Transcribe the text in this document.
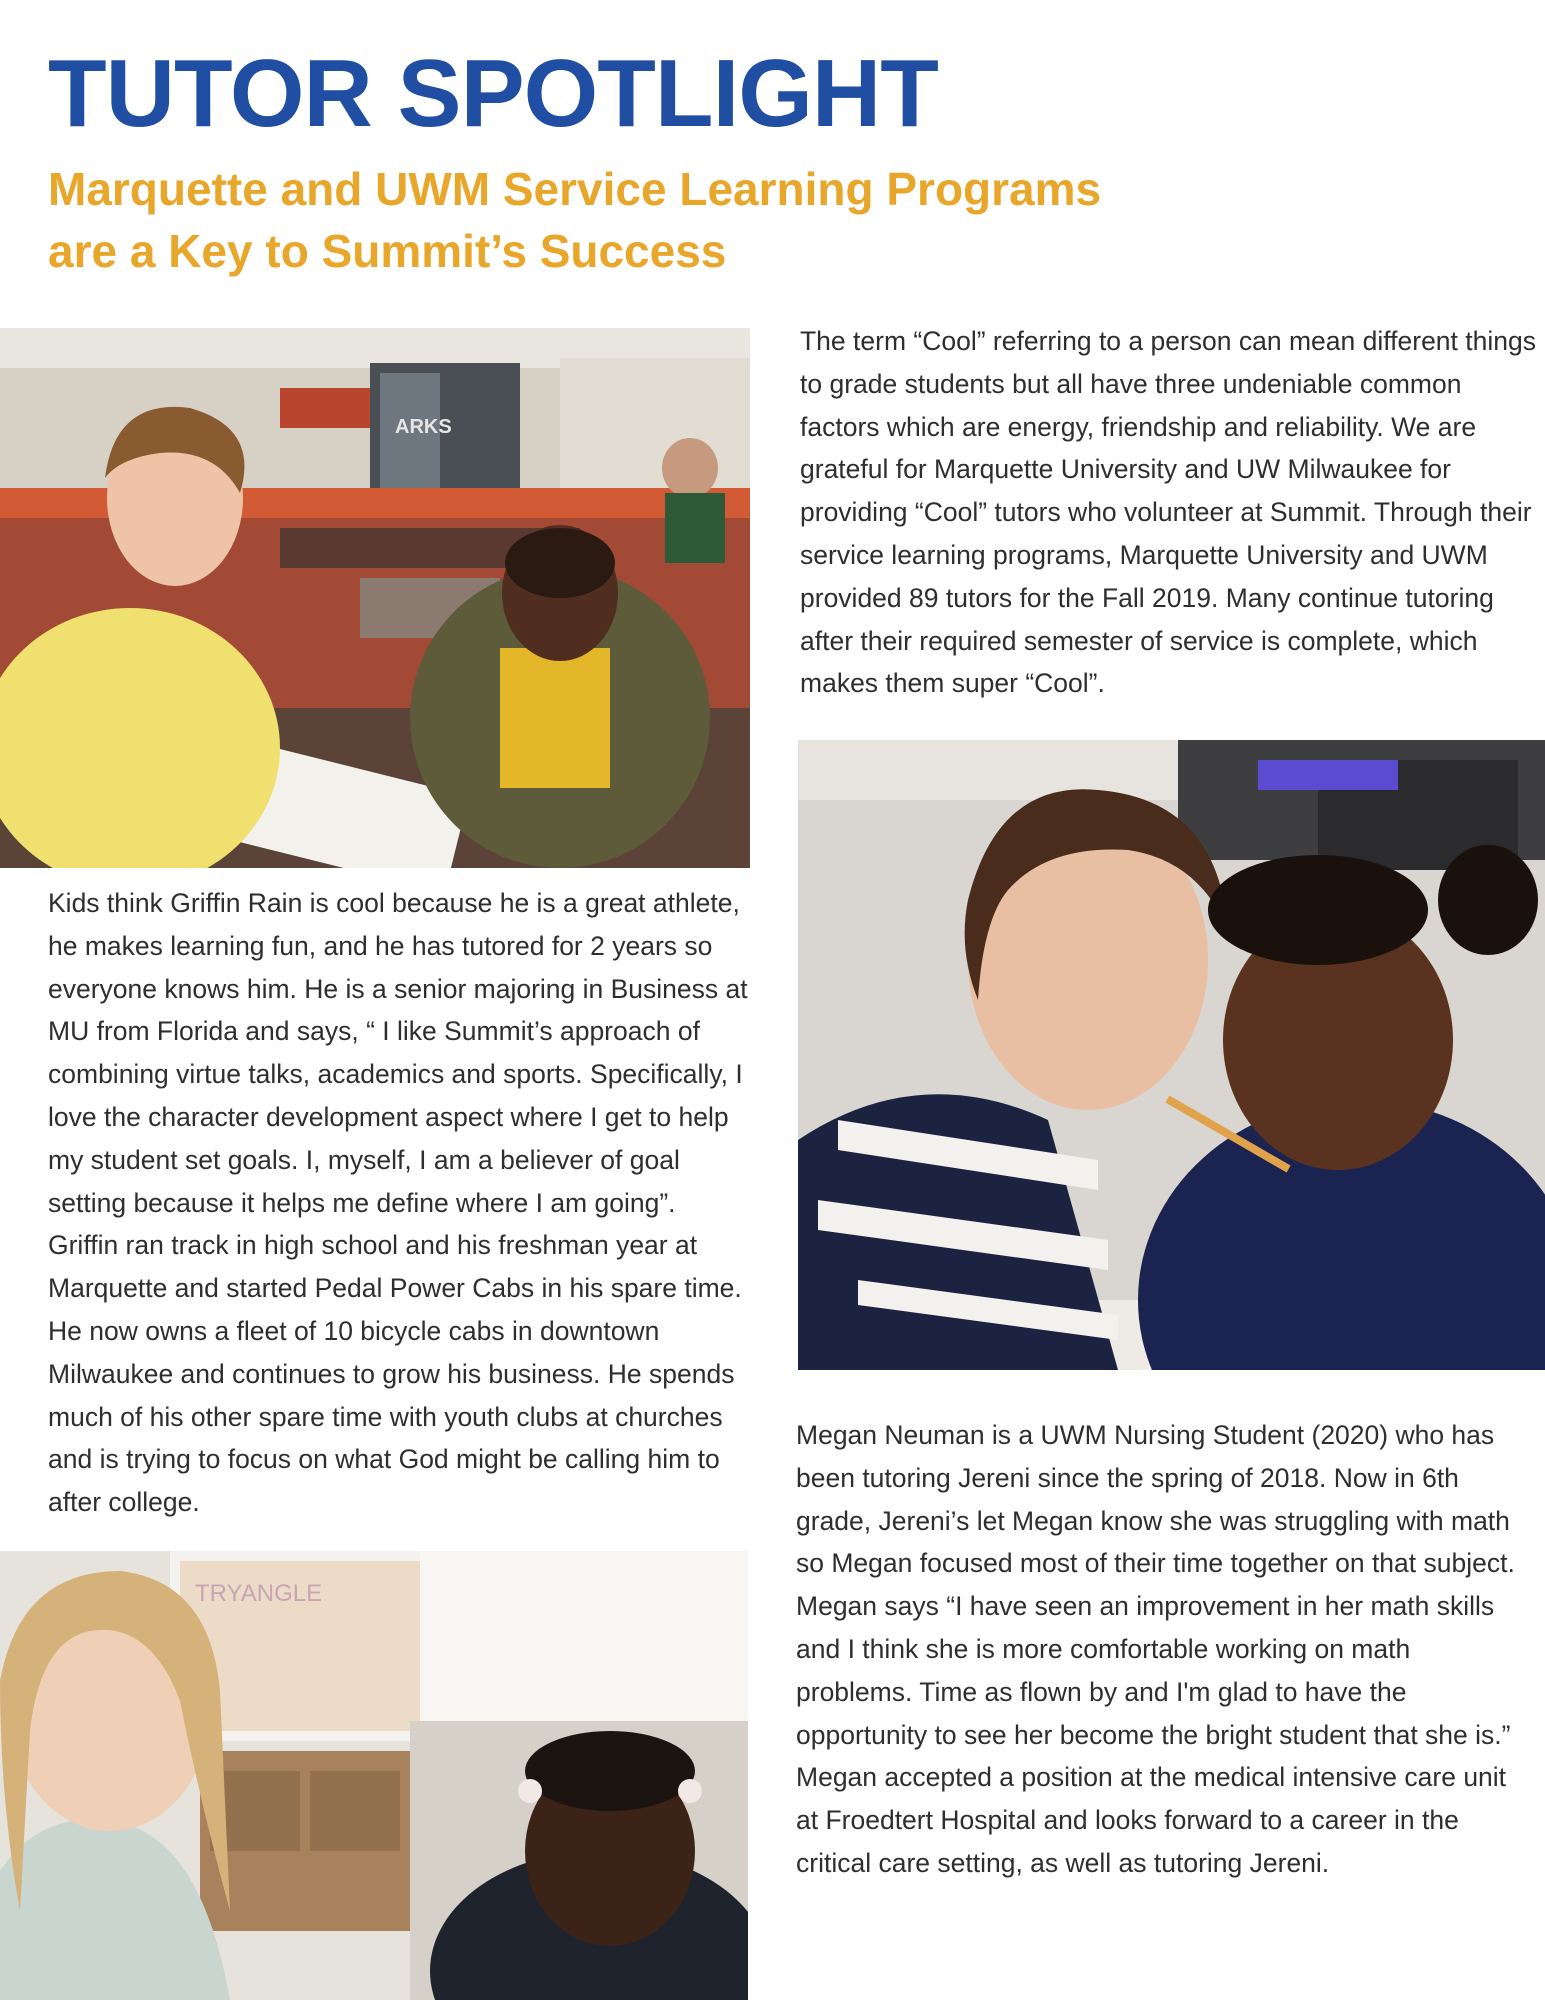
TUTOR SPOTLIGHT
Marquette and UWM Service Learning Programs
are a Key to Summit’s Success
ARKS
TRYANGLE

The term “Cool” referring to a person can mean different things to grade students but all have three undeniable common factors which are energy, friendship and reliability. We are grateful for Marquette University and UW Milwaukee for providing “Cool” tutors who volunteer at Summit. Through their service learning programs, Marquette University and UWM provided 89 tutors for the Fall 2019. Many continue tutoring after their required semester of service is complete, which makes them super “Cool”.

Kids think Griffin Rain is cool because he is a great athlete, he makes learning fun, and he has tutored for 2 years so everyone knows him. He is a senior majoring in Business at MU from Florida and says, “ I like Summit’s approach of combining virtue talks, academics and sports. Specifically, I love the character development aspect where I get to help my student set goals. I, myself, I am a believer of goal setting because it helps me define where I am going”. Griffin ran track in high school and his freshman year at Marquette and started Pedal Power Cabs in his spare time. He now owns a fleet of 10 bicycle cabs in downtown Milwaukee and continues to grow his business. He spends much of his other spare time with youth clubs at churches and is trying to focus on what God might be calling him to after college.

Megan Neuman is a UWM Nursing Student (2020) who has been tutoring Jereni since the spring of 2018. Now in 6th grade, Jereni’s let Megan know she was struggling with math so Megan focused most of their time together on that subject. Megan says “I have seen an improvement in her math skills and I think she is more comfortable working on math problems. Time as flown by and I'm glad to have the opportunity to see her become the bright student that she is.” Megan accepted a position at the medical intensive care unit at Froedtert Hospital and looks forward to a career in the critical care setting, as well as tutoring Jereni.
